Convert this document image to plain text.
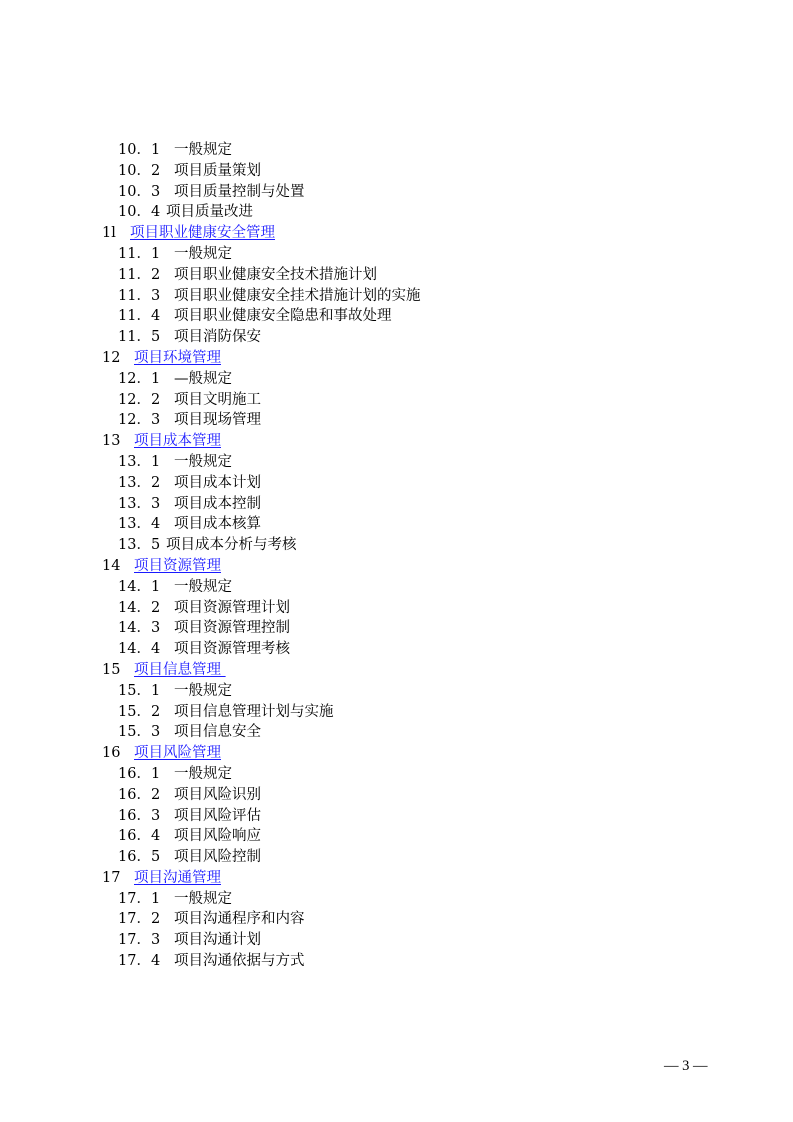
10．1 一般规定
10．2 项目质量策划
10．3 项目质量控制与处置
10．4 项目质量改进
1l 项目职业健康安全管理
11．1 一般规定
11．2 项目职业健康安全技术措施计划
11．3 项目职业健康安全挂术措施计划的实施
11．4 项目职业健康安全隐患和事故处理
11．5 项目消防保安
12 项目环境管理
12．1 —般规定
12．2 项目文明施工
12．3 项目现场管理
13 项目成本管理
13．1 一般规定
13．2 项目成本计划
13．3 项目成本控制
13．4 项目成本核算
13．5 项目成本分析与考核
14 项目资源管理
14．1 一般规定
14．2 项目资源管理计划
14．3 项目资源管理控制
14．4 项目资源管理考核
15 项目信息管理
15．1 一般规定
15．2 项目信息管理计划与实施
15．3 项目信息安全
16 项目风险管理
16．1 一般规定
16．2 项目风险识别
16．3 项目风险评估
16．4 项目风险响应
16．5 项目风险控制
17 项目沟通管理
17．1 一般规定
17．2 项目沟通程序和内容
17．3 项目沟通计划
17．4 项目沟通依据与方式
— 3 —
